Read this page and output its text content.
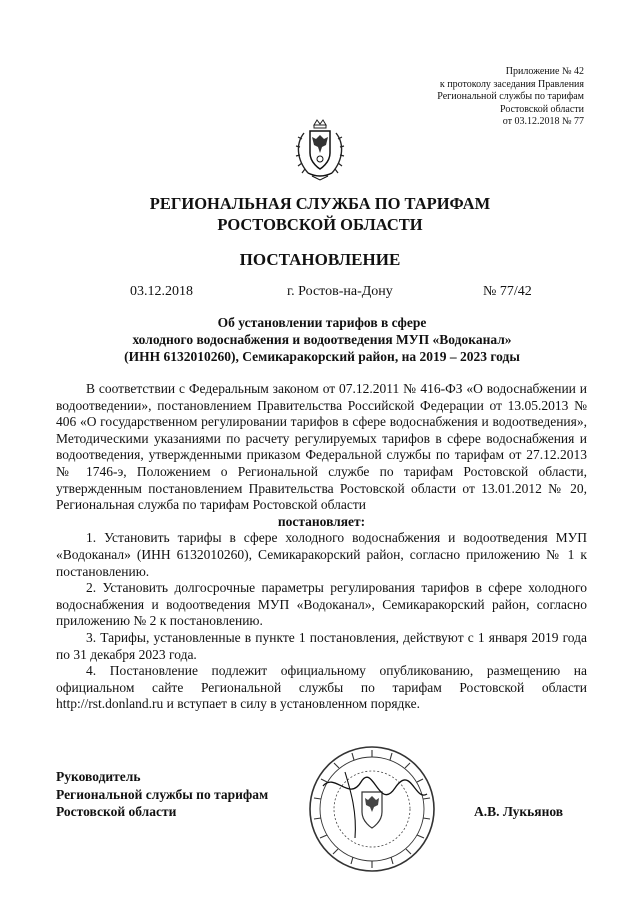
Приложение № 42
к протоколу заседания Правления
Региональной службы по тарифам
Ростовской области
от 03.12.2018 № 77
РЕГИОНАЛЬНАЯ СЛУЖБА ПО ТАРИФАМ
РОСТОВСКОЙ ОБЛАСТИ
ПОСТАНОВЛЕНИЕ
03.12.2018	г. Ростов-на-Дону	№ 77/42
Об установлении тарифов в сфере
холодного водоснабжения и водоотведения МУП «Водоканал»
(ИНН 6132010260), Семикаракорский район, на 2019 – 2023 годы

В соответствии с Федеральным законом от 07.12.2011 № 416-ФЗ «О водоснабжении и водоотведении», постановлением Правительства Российской Федерации от 13.05.2013 № 406 «О государственном регулировании тарифов в сфере водоснабжения и водоотведения», Методическими указаниями по расчету регулируемых тарифов в сфере водоснабжения и водоотведения, утвержденными приказом Федеральной службы по тарифам от 27.12.2013 № 1746-э, Положением о Региональной службе по тарифам Ростовской области, утвержденным постановлением Правительства Ростовской области от 13.01.2012 № 20, Региональная служба по тарифам Ростовской области

постановляет:

1. Установить тарифы в сфере холодного водоснабжения и водоотведения МУП «Водоканал» (ИНН 6132010260), Семикаракорский район, согласно приложению № 1 к постановлению.

2. Установить долгосрочные параметры регулирования тарифов в сфере холодного водоснабжения и водоотведения МУП «Водоканал», Семикаракорский район, согласно приложению № 2 к постановлению.

3. Тарифы, установленные в пункте 1 постановления, действуют с 1 января 2019 года по 31 декабря 2023 года.

4. Постановление подлежит официальному опубликованию, размещению на официальном сайте Региональной службы по тарифам Ростовской области http://rst.donland.ru и вступает в силу в установленном порядке.

Руководитель
Региональной службы по тарифам
Ростовской области	А.В. Лукьянов
